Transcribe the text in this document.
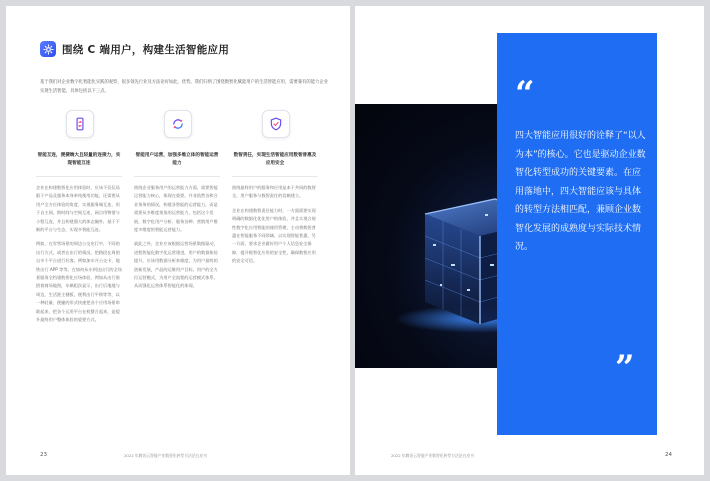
围绕 C 端用户，构建生活智能应用
基于我们对企业数字化智能化实践的观察，很多领先行业及方法论好如此，优势。我们归纳了围绕数智化赋能用户的生活智能应用，需要兼有的能力企业实现生活智能。具体包括以下三点。
智能互连，便捷端大且轻量的连接力，实现智能互连
智能用户运营，加强多维立体的智能运营能力
数智责任，实现生活智能应用数智普惠及应用安全

企业在构建数智化应用体验时，应该不仅仅局限于产品及服务本身单纯使用功能，还需要从用户全方位体验的角度，实现服务端互连、用于自主网，跨时间与空间互连，网点用物借与小程互连，并且构建强大的体态圈外，基于不断的平台与生态，实现多智能互连。

例如，在零售场景的周边公交出行中，不同的出行方式，或者在出行的情况，把路段在周围自多个平台进行拉客。例如加车开公交卡，地铁出行 APP 等等。在如何从车到达出行的全场景服务全档建数智化应场体验，例如从出行借搭着商场地图，车辆租次显示，出行后地地与周边，生活距主健板，便利出行平购等等，以一种轻量、便捷的形式快速把各个应用场景串联起来，把各个运用平台在机整合起来，是提升最终用户整体体验的重要方式。

围绕企业服务用户的运营能力方面，需要智能运营能力核心，体现在重要，并非依然各和合业务务的情况，构建各智能的运营能力，而是需要从多维度视角的运营能力，包括这个发展，数字化用户分析、服务各种、营销用户维度多维度的智能运营能力。

就此之外，企业应该根据运营场景数据驱动，进程智能化数字化运营建进，用户的数据体验提升，应该用数据分析来维度，为用户最终的创新发展，产品的运维用户目标，用户的全方位运营模式，为用户全流程的运营模式体系，从而强化运营体系智能化的体现。

围绕最终用户的服务和应用是本于共同的数智全，用户服务与数智责任的信赖建立。

企业在构建数智责任能力时，一方面需要实现明确的数据化优化用户的体验，并且实现合规性数字化应用智能的使用管理，主动将数智普惠在智能服务不同领域，以实现智能普惠，另一方面，要求企业做好用户个人信息安全保障，提升数智化应用的安全性，确保数智应用的安全可信。

23	2022 年腾讯云智能产业数智化转型方法论白皮书
“
四大智能应用很好的诠释了“以人为本”的核心。它也是驱动企业数智化转型成功的关键要素。在应用落地中，四大智能应该与具体的转型方法相匹配，兼顾企业数智化发展的成熟度与实际技术情况。
”
2022 年腾讯云智能产业数智化转型方法论白皮书	24
